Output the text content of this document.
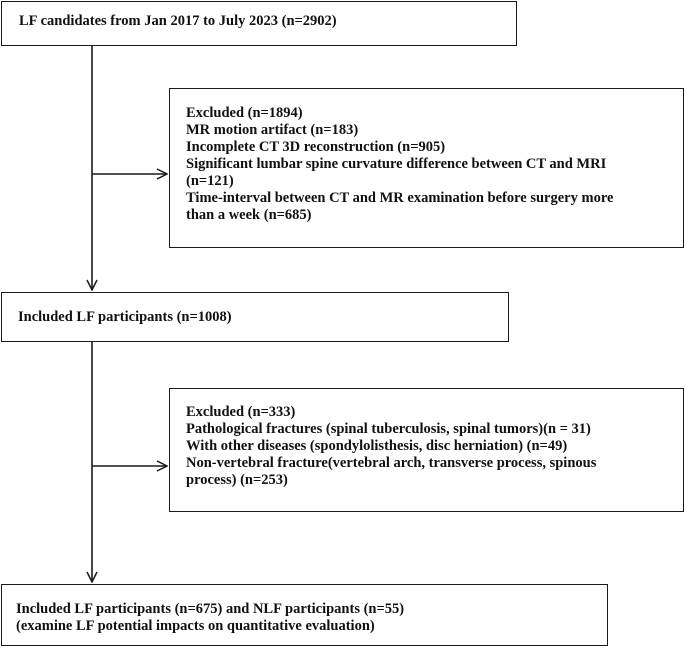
LF candidates from Jan 2017 to July 2023 (n=2902)
Excluded (n=1894)
MR motion artifact (n=183)
Incomplete CT 3D reconstruction (n=905)
Significant lumbar spine curvature difference between CT and MRI
(n=121)
Time-interval between CT and MR examination before surgery more
than a week (n=685)
Included LF participants (n=1008)
Excluded (n=333)
Pathological fractures (spinal tuberculosis, spinal tumors)(n = 31)
With other diseases (spondylolisthesis, disc herniation) (n=49)
Non-vertebral fracture(vertebral arch, transverse process, spinous
process) (n=253)
Included LF participants (n=675) and NLF participants (n=55)
(examine LF potential impacts on quantitative evaluation)
